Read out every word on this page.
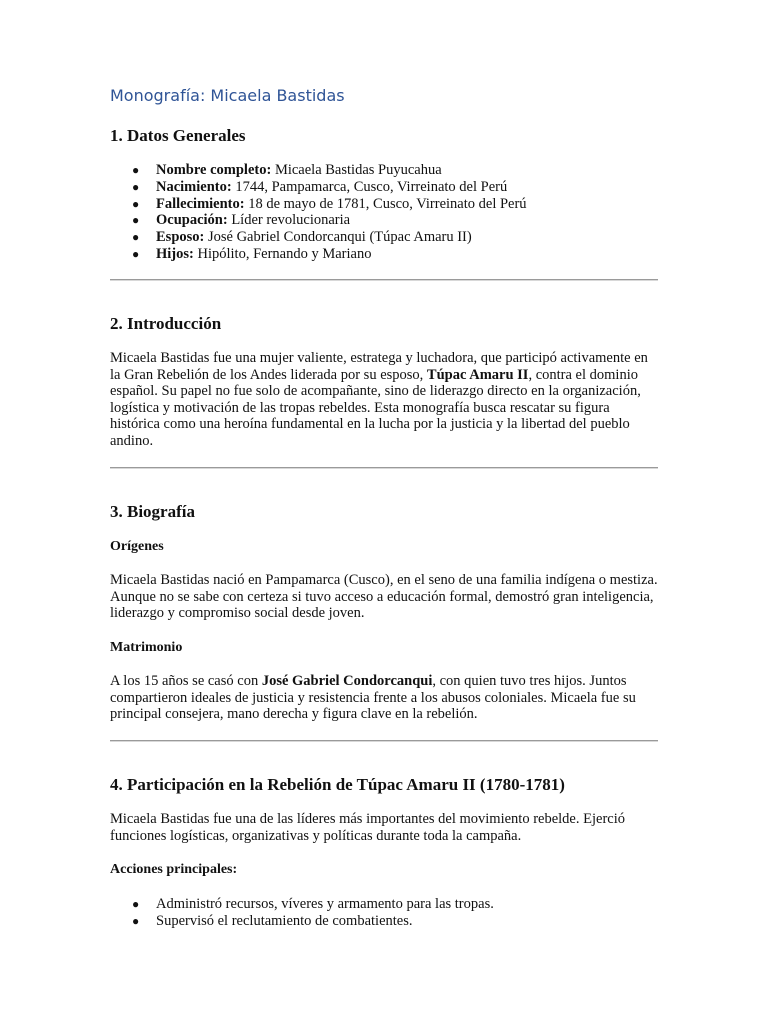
Monografía: Micaela Bastidas
1. Datos Generales
● Nombre completo: Micaela Bastidas Puyucahua
● Nacimiento: 1744, Pampamarca, Cusco, Virreinato del Perú
● Fallecimiento: 18 de mayo de 1781, Cusco, Virreinato del Perú
● Ocupación: Líder revolucionaria
● Esposo: José Gabriel Condorcanqui (Túpac Amaru II)
● Hijos: Hipólito, Fernando y Mariano
2. Introducción

Micaela Bastidas fue una mujer valiente, estratega y luchadora, que participó activamente en la Gran Rebelión de los Andes liderada por su esposo, Túpac Amaru II, contra el dominio español. Su papel no fue solo de acompañante, sino de liderazgo directo en la organización, logística y motivación de las tropas rebeldes. Esta monografía busca rescatar su figura histórica como una heroína fundamental en la lucha por la justicia y la libertad del pueblo andino.

3. Biografía
Orígenes

Micaela Bastidas nació en Pampamarca (Cusco), en el seno de una familia indígena o mestiza. Aunque no se sabe con certeza si tuvo acceso a educación formal, demostró gran inteligencia, liderazgo y compromiso social desde joven.

Matrimonio

A los 15 años se casó con José Gabriel Condorcanqui, con quien tuvo tres hijos. Juntos compartieron ideales de justicia y resistencia frente a los abusos coloniales. Micaela fue su principal consejera, mano derecha y figura clave en la rebelión.

4. Participación en la Rebelión de Túpac Amaru II (1780-1781)

Micaela Bastidas fue una de las líderes más importantes del movimiento rebelde. Ejerció funciones logísticas, organizativas y políticas durante toda la campaña.

Acciones principales:
● Administró recursos, víveres y armamento para las tropas.
● Supervisó el reclutamiento de combatientes.
